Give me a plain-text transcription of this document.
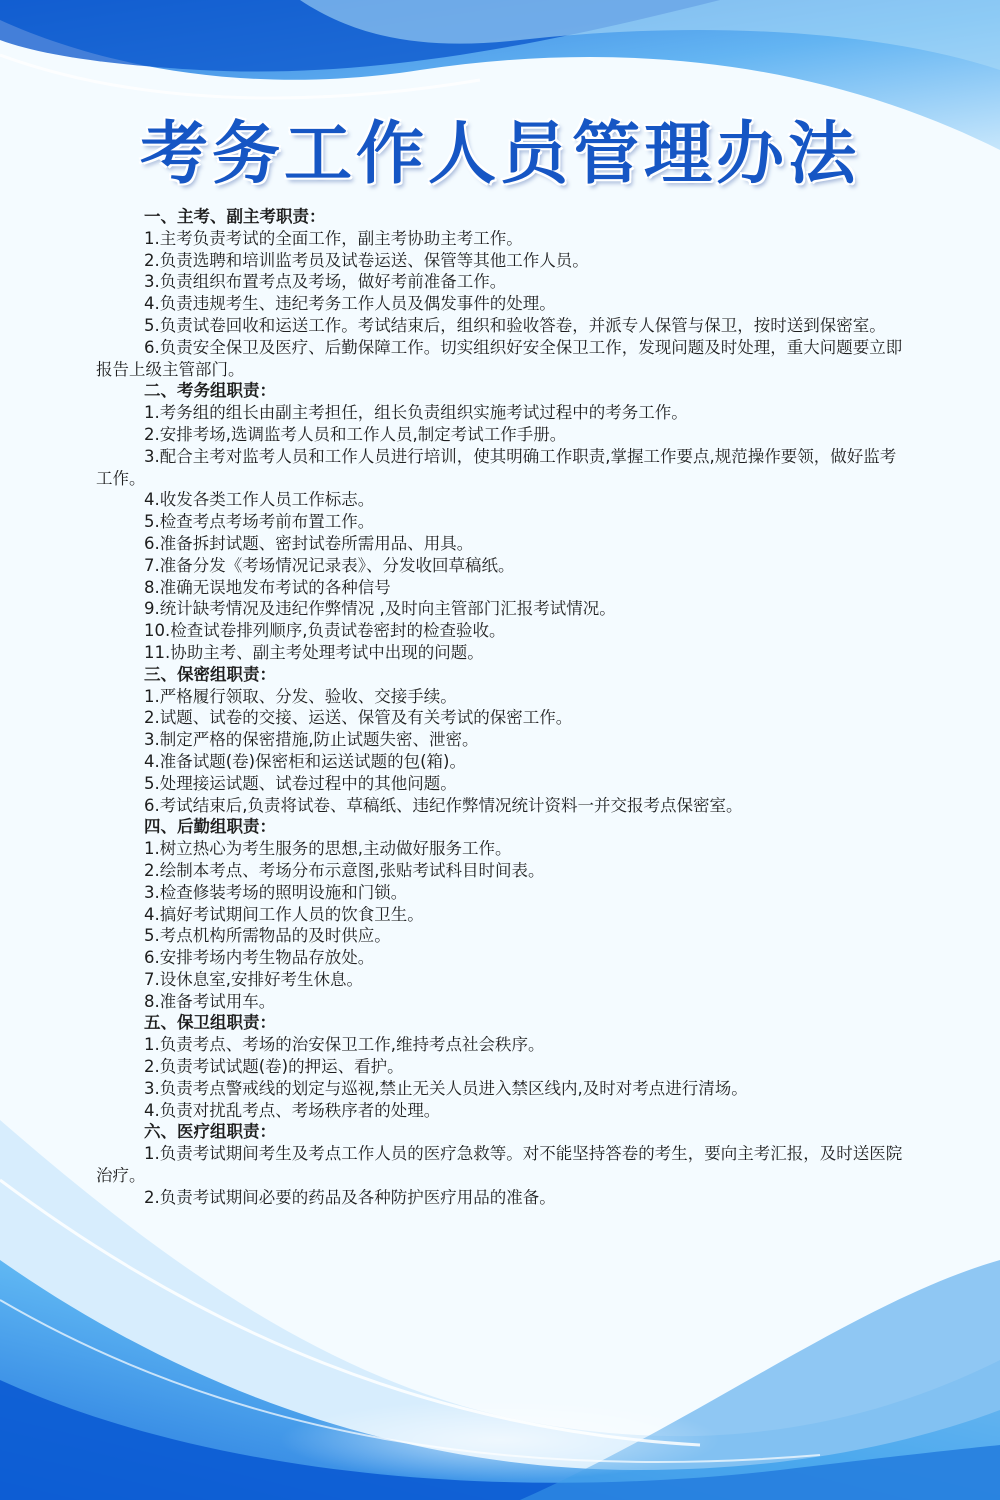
考务工作人员管理办法

一、主考、副主考职责：

1.主考负责考试的全面工作，副主考协助主考工作。

2.负责选聘和培训监考员及试卷运送、保管等其他工作人员。

3.负责组织布置考点及考场，做好考前准备工作。

4.负责违规考生、违纪考务工作人员及偶发事件的处理。

5.负责试卷回收和运送工作。考试结束后，组织和验收答卷，并派专人保管与保卫，按时送到保密室。

6.负责安全保卫及医疗、后勤保障工作。切实组织好安全保卫工作，发现问题及时处理，重大问题要立即报告上级主管部门。

二、考务组职责：

1.考务组的组长由副主考担任，组长负责组织实施考试过程中的考务工作。

2.安排考场,选调监考人员和工作人员,制定考试工作手册。

3.配合主考对监考人员和工作人员进行培训，使其明确工作职责,掌握工作要点,规范操作要领，做好监考工作。

4.收发各类工作人员工作标志。

5.检查考点考场考前布置工作。

6.准备拆封试题、密封试卷所需用品、用具。

7.准备分发《考场情况记录表》、分发收回草稿纸。

8.准确无误地发布考试的各种信号

9.统计缺考情况及违纪作弊情况 ,及时向主管部门汇报考试情况。

10.检查试卷排列顺序,负责试卷密封的检查验收。

11.协助主考、副主考处理考试中出现的问题。

三、保密组职责：

1.严格履行领取、分发、验收、交接手续。

2.试题、试卷的交接、运送、保管及有关考试的保密工作。

3.制定严格的保密措施,防止试题失密、泄密。

4.准备试题(卷)保密柜和运送试题的包(箱)。

5.处理接运试题、试卷过程中的其他问题。

6.考试结束后,负责将试卷、草稿纸、违纪作弊情况统计资料一并交报考点保密室。

四、后勤组职责：

1.树立热心为考生服务的思想,主动做好服务工作。

2.绘制本考点、考场分布示意图,张贴考试科目时间表。

3.检查修装考场的照明设施和门锁。

4.搞好考试期间工作人员的饮食卫生。

5.考点机构所需物品的及时供应。

6.安排考场内考生物品存放处。

7.设休息室,安排好考生休息。

8.准备考试用车。

五、保卫组职责：

1.负责考点、考场的治安保卫工作,维持考点社会秩序。

2.负责考试试题(卷)的押运、看护。

3.负责考点警戒线的划定与巡视,禁止无关人员进入禁区线内,及时对考点进行清场。

4.负责对扰乱考点、考场秩序者的处理。

六、医疗组职责：

1.负责考试期间考生及考点工作人员的医疗急救等。对不能坚持答卷的考生，要向主考汇报，及时送医院治疗。

2.负责考试期间必要的药品及各种防护医疗用品的准备。
